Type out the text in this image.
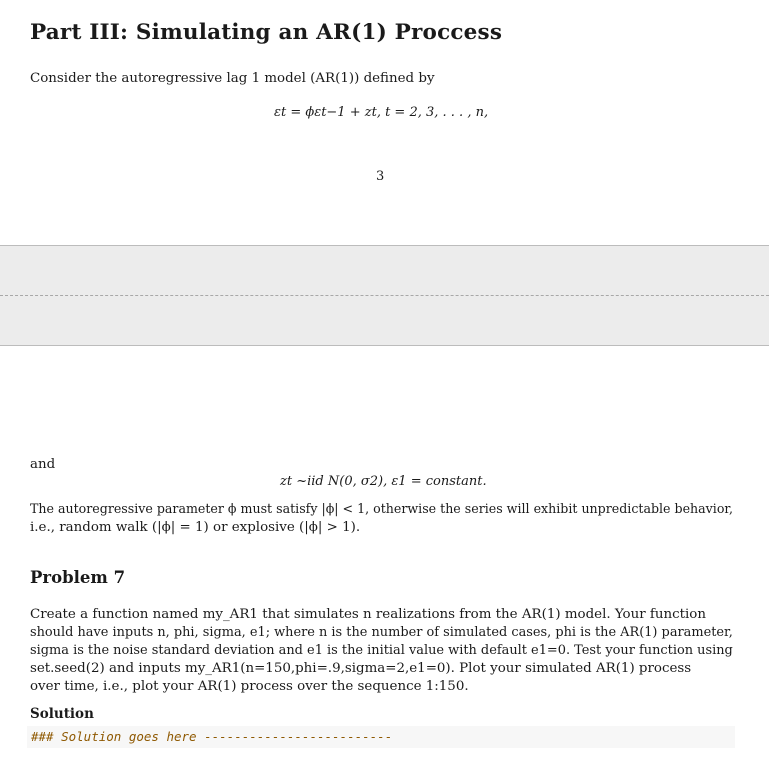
Part III: Simulating an AR(1) Proccess
Consider the autoregressive lag 1 model (AR(1)) defined by
εt = ϕεt−1 + zt, t = 2, 3, . . . , n,
3
and
zt ~iid N(0, σ2), ε1 = constant.
The autoregressive parameter ϕ must satisfy |ϕ| < 1, otherwise the series will exhibit unpredictable behavior,
i.e., random walk (|ϕ| = 1) or explosive (|ϕ| > 1).
Problem 7
Create a function named my_AR1 that simulates n realizations from the AR(1) model. Your function
should have inputs n, phi, sigma, e1; where n is the number of simulated cases, phi is the AR(1) parameter,
sigma is the noise standard deviation and e1 is the initial value with default e1=0. Test your function using
set.seed(2) and inputs my_AR1(n=150,phi=.9,sigma=2,e1=0). Plot your simulated AR(1) process
over time, i.e., plot your AR(1) process over the sequence 1:150.
Solution
### Solution goes here -------------------------
